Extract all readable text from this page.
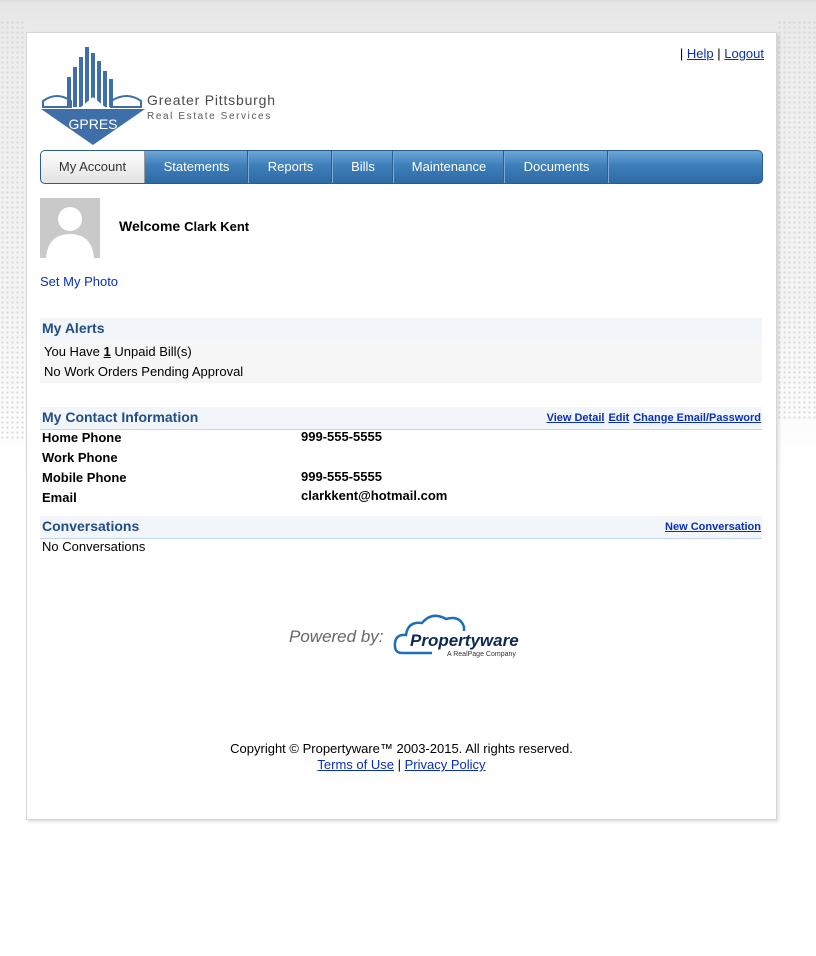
| Help | Logout
GPRES
Greater Pittsburgh
Real Estate Services
My Account	Statements	Reports	Bills	Maintenance	Documents
Welcome Clark Kent
Set My Photo
My Alerts
You Have 1 Unpaid Bill(s)
No Work Orders Pending Approval
My Contact Information	View Detail Edit Change Email/Password
Home Phone	999-555-5555
Work Phone
Mobile Phone	999-555-5555
Email	clarkkent@hotmail.com
Conversations	New Conversation
No Conversations
Powered by: Propertyware
A RealPage Company
Copyright © Propertyware™ 2003-2015. All rights reserved.
Terms of Use | Privacy Policy
